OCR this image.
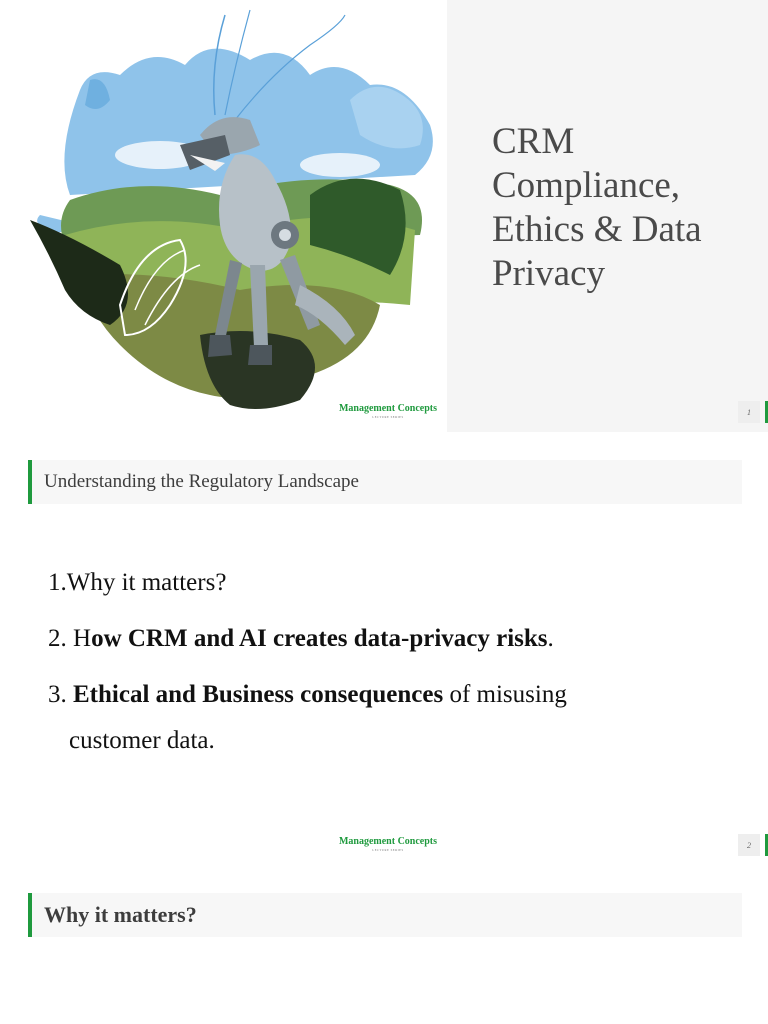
CRM Compliance, Ethics & Data Privacy
Management Concepts
LECTURE SERIES
1
Understanding the Regulatory Landscape
1.Why it matters?
2. How CRM and AI creates data-privacy risks.
3. Ethical and Business consequences of misusing
customer data.
Management Concepts
LECTURE SERIES
2
Why it matters?
